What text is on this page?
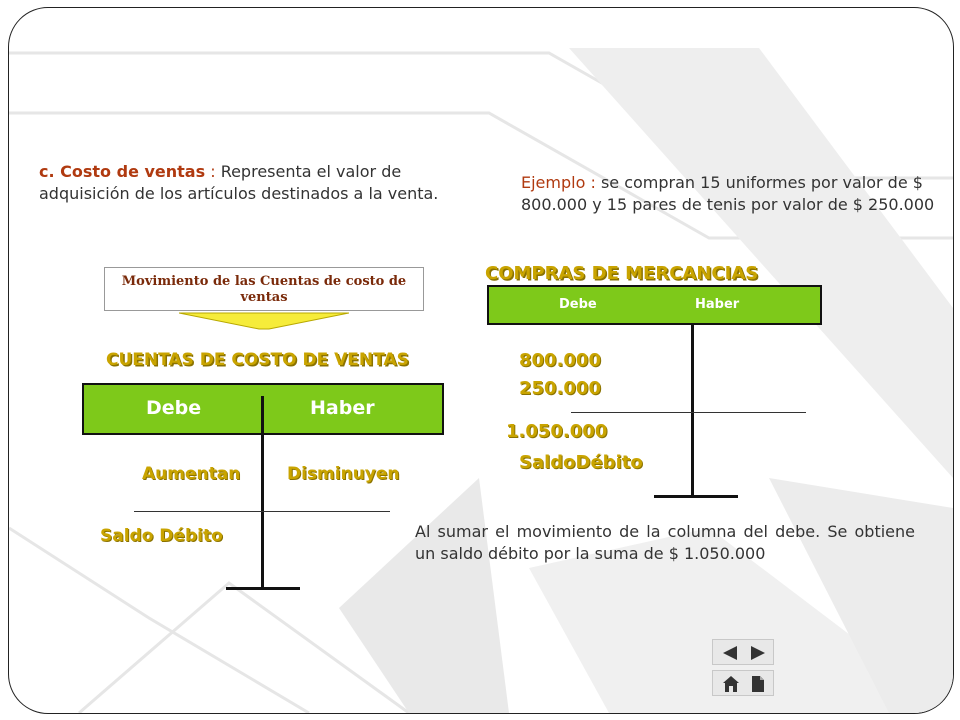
c. Costo de ventas : Representa el valor de adquisición de los artículos destinados a la venta.
Ejemplo : se compran 15 uniformes por valor de $ 800.000 y 15 pares de tenis por valor de $ 250.000
Movimiento de las Cuentas de costo de ventas
CUENTAS DE COSTO DE VENTAS
Debe	Haber
Aumentan	Disminuyen
Saldo Débito
COMPRAS DE MERCANCIAS
Debe	Haber
800.000
250.000
1.050.000
SaldoDébito
Al sumar el movimiento de la columna del debe. Se obtiene un saldo débito por la suma de $ 1.050.000
